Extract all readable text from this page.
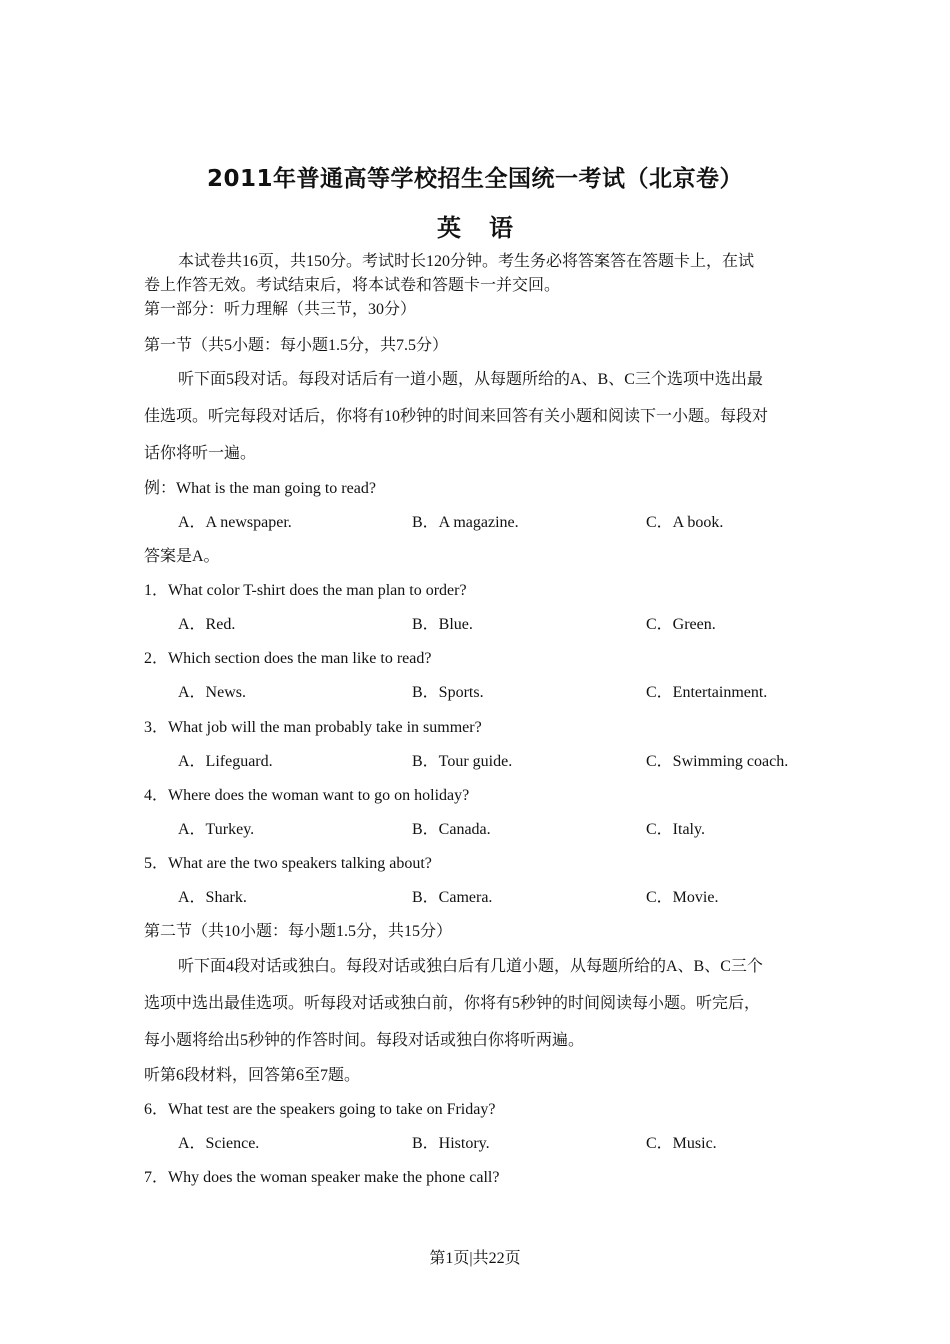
2011年普通高等学校招生全国统一考试（北京卷）
英语
本试卷共16页，共150分。考试时长120分钟。考生务必将答案答在答题卡上，在试
卷上作答无效。考试结束后，将本试卷和答题卡一并交回。
第一部分：听力理解（共三节，30分）
第一节（共5小题：每小题1.5分，共7.5分）
听下面5段对话。每段对话后有一道小题，从每题所给的A、B、C三个选项中选出最
佳选项。听完每段对话后，你将有10秒钟的时间来回答有关小题和阅读下一小题。每段对
话你将听一遍。
例：What is the man going to read?
A．A newspaper.	B．A magazine.	C．A book.
答案是A。
1．What color T-shirt does the man plan to order?
A．Red.	B．Blue.	C．Green.
2．Which section does the man like to read?
A．News.	B．Sports.	C．Entertainment.
3．What job will the man probably take in summer?
A．Lifeguard.	B．Tour guide.	C．Swimming coach.
4．Where does the woman want to go on holiday?
A．Turkey.	B．Canada.	C．Italy.
5．What are the two speakers talking about?
A．Shark.	B．Camera.	C．Movie.
第二节（共10小题：每小题1.5分，共15分）
听下面4段对话或独白。每段对话或独白后有几道小题，从每题所给的A、B、C三个
选项中选出最佳选项。听每段对话或独白前，你将有5秒钟的时间阅读每小题。听完后，
每小题将给出5秒钟的作答时间。每段对话或独白你将听两遍。
听第6段材料，回答第6至7题。
6．What test are the speakers going to take on Friday?
A．Science.	B．History.	C．Music.
7．Why does the woman speaker make the phone call?
第1页|共22页
